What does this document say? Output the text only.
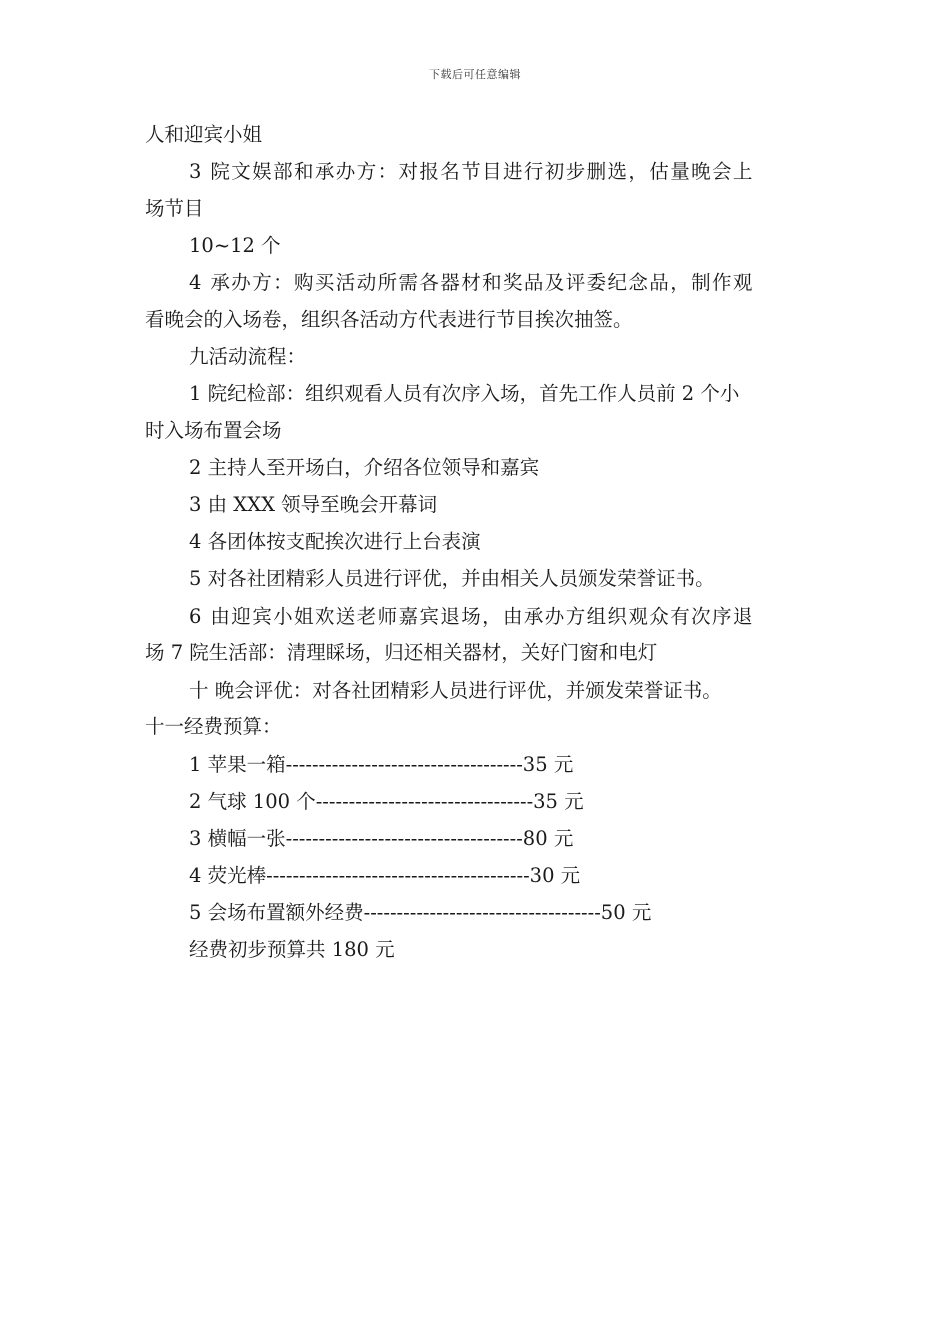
下载后可任意编辑
人和迎宾小姐
3 院文娱部和承办方：对报名节目进行初步删选，估量晚会上
场节目
10~12 个
4 承办方：购买活动所需各器材和奖品及评委纪念品，制作观
看晚会的入场卷，组织各活动方代表进行节目挨次抽签。
九活动流程：
1 院纪检部：组织观看人员有次序入场，首先工作人员前 2 个小
时入场布置会场
2 主持人至开场白，介绍各位领导和嘉宾
3 由 XXX 领导至晚会开幕词
4 各团体按支配挨次进行上台表演
5 对各社团精彩人员进行评优，并由相关人员颁发荣誉证书。
6 由迎宾小姐欢送老师嘉宾退场，由承办方组织观众有次序退
场 7 院生活部：清理睬场，归还相关器材，关好门窗和电灯
十 晚会评优：对各社团精彩人员进行评优，并颁发荣誉证书。
十一经费预算：
1 苹果一箱------------------------------------35 元
2 气球 100 个---------------------------------35 元
3 横幅一张------------------------------------80 元
4 荧光棒----------------------------------------30 元
5 会场布置额外经费------------------------------------50 元
经费初步预算共 180 元
